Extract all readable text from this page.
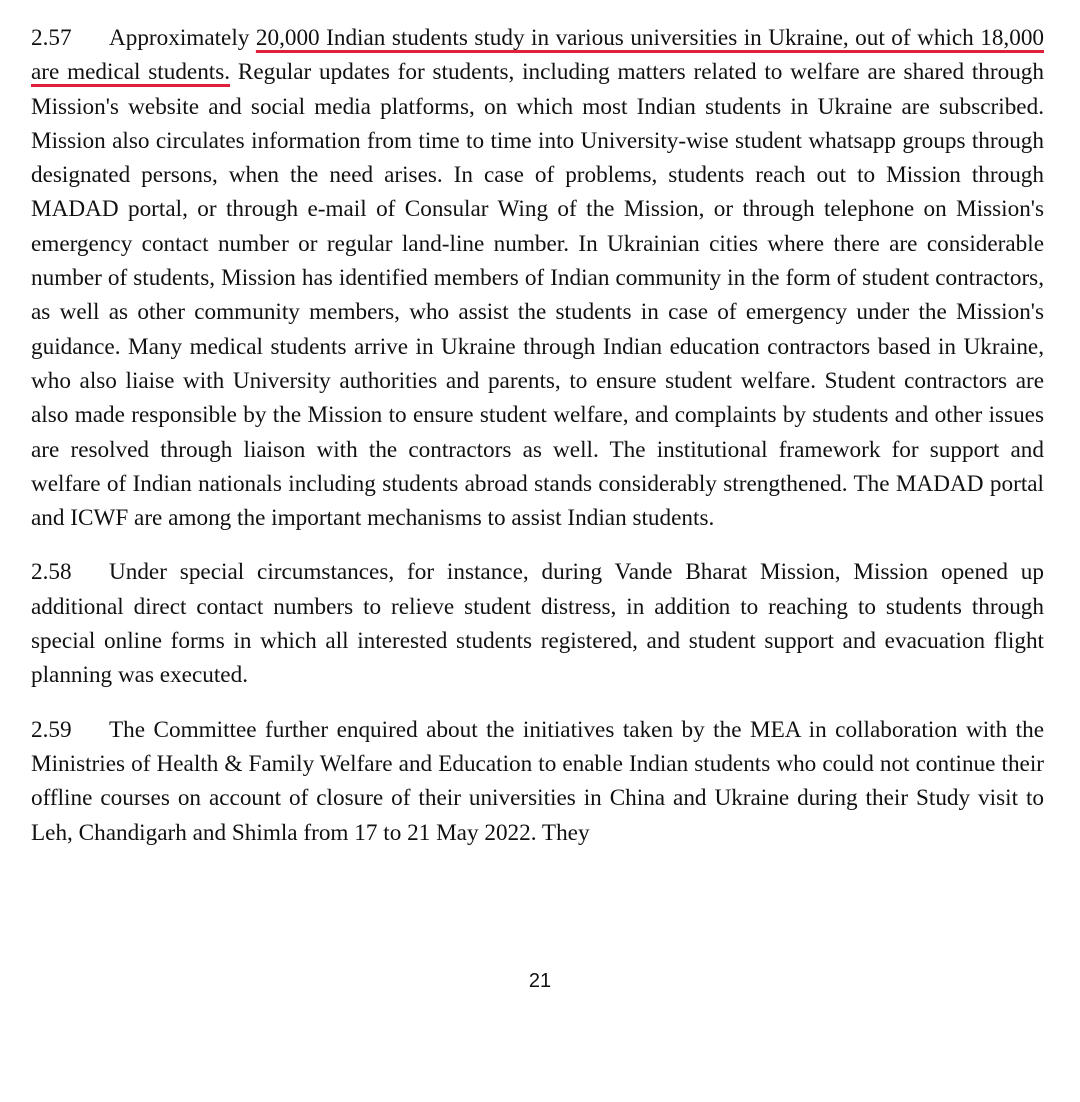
2.57 Approximately 20,000 Indian students study in various universities in Ukraine, out of which 18,000 are medical students. Regular updates for students, including matters related to welfare are shared through Mission's website and social media platforms, on which most Indian students in Ukraine are subscribed. Mission also circulates information from time to time into University-wise student whatsapp groups through designated persons, when the need arises. In case of problems, students reach out to Mission through MADAD portal, or through e-mail of Consular Wing of the Mission, or through telephone on Mission's emergency contact number or regular land-line number. In Ukrainian cities where there are considerable number of students, Mission has identified members of Indian community in the form of student contractors, as well as other community members, who assist the students in case of emergency under the Mission's guidance. Many medical students arrive in Ukraine through Indian education contractors based in Ukraine, who also liaise with University authorities and parents, to ensure student welfare. Student contractors are also made responsible by the Mission to ensure student welfare, and complaints by students and other issues are resolved through liaison with the contractors as well. The institutional framework for support and welfare of Indian nationals including students abroad stands considerably strengthened. The MADAD portal and ICWF are among the important mechanisms to assist Indian students.

2.58 Under special circumstances, for instance, during Vande Bharat Mission, Mission opened up additional direct contact numbers to relieve student distress, in addition to reaching to students through special online forms in which all interested students registered, and student support and evacuation flight planning was executed.

2.59 The Committee further enquired about the initiatives taken by the MEA in collaboration with the Ministries of Health & Family Welfare and Education to enable Indian students who could not continue their offline courses on account of closure of their universities in China and Ukraine during their Study visit to Leh, Chandigarh and Shimla from 17 to 21 May 2022. They

21
